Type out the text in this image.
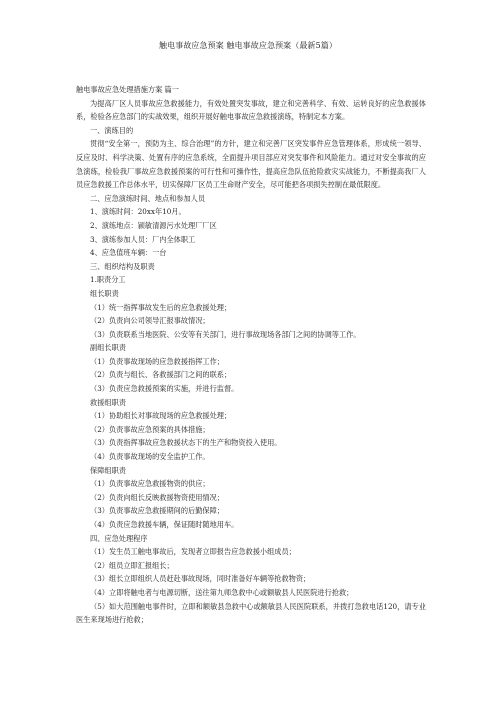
触电事故应急预案 触电事故应急预案（最新5篇）

触电事故应急处理措施方案 篇一

为提高厂区人员事故应急救援能力，有效处置突发事故，建立和完善科学、有效、运转良好的应急救援体系，检验各应急部门的实战效果，组织开展好触电事故应急救援演练，特制定本方案。

一、演练目的

贯彻“安全第一，预防为主、综合治理”的方针，建立和完善厂区突发事件应急管理体系，形成统一领导、反应及时、科学决策、处置有序的应急系统，全面提升项目部应对突发事件和风险能力。通过对安全事故的应急演练，检验我厂事故应急救援预案的可行性和可操作性，提高应急队伍抢险救灾实战能力，不断提高我厂人员应急救援工作总体水平，切实保障厂区员工生命财产安全，尽可能把各项损失控制在最低限度。

二、应急演练时间、地点和参加人员

1、演练时间：20xx年10月。

2、演练地点：颍敏清源污水处理厂厂区

3、演练参加人员：厂内全体职工

4、应急值班车辆：一台

三、组织结构及职责

1.职责分工

组长职责

（1）统一指挥事故发生后的应急救援处理；

（2）负责向公司领导汇报事故情况；

（3）负责联系当地医院、公安等有关部门，进行事故现场各部门之间的协调等工作。

副组长职责

（1）负责事故现场的应急救援指挥工作；

（2）负责与组长、各救援部门之间的联系；

（3）负责应急救援预案的实施，并进行监督。

救援组职责

（1）协助组长对事故现场的应急救援处理；

（2）负责事故应急预案的具体措施；

（3）负责指挥事故应急救援状态下的生产和物资投入使用。

（4）负责事故现场的安全监护工作。

保障组职责

（1）负责事故应急救援物资的供应；

（2）负责向组长反映救援物资使用情况；

（3）负责事故应急救援期间的后勤保障；

（4）负责应急救援车辆，保证随时随地用车。

四、应急处理程序

（1）发生员工触电事故后，发现者立即报告应急救援小组成员；

（2）组员立即汇报组长；

（3）组长立即组织人员赶赴事故现场，同时准备好车辆等抢救物资；

（4）立即将触电者与电源切断，送往第九师急救中心或额敏县人民医院进行抢救；

（5）如大范围触电事件时，立即和额敏县急救中心或额敏县人民医院联系，并拨打急救电话120，请专业医生来现场进行抢救；
